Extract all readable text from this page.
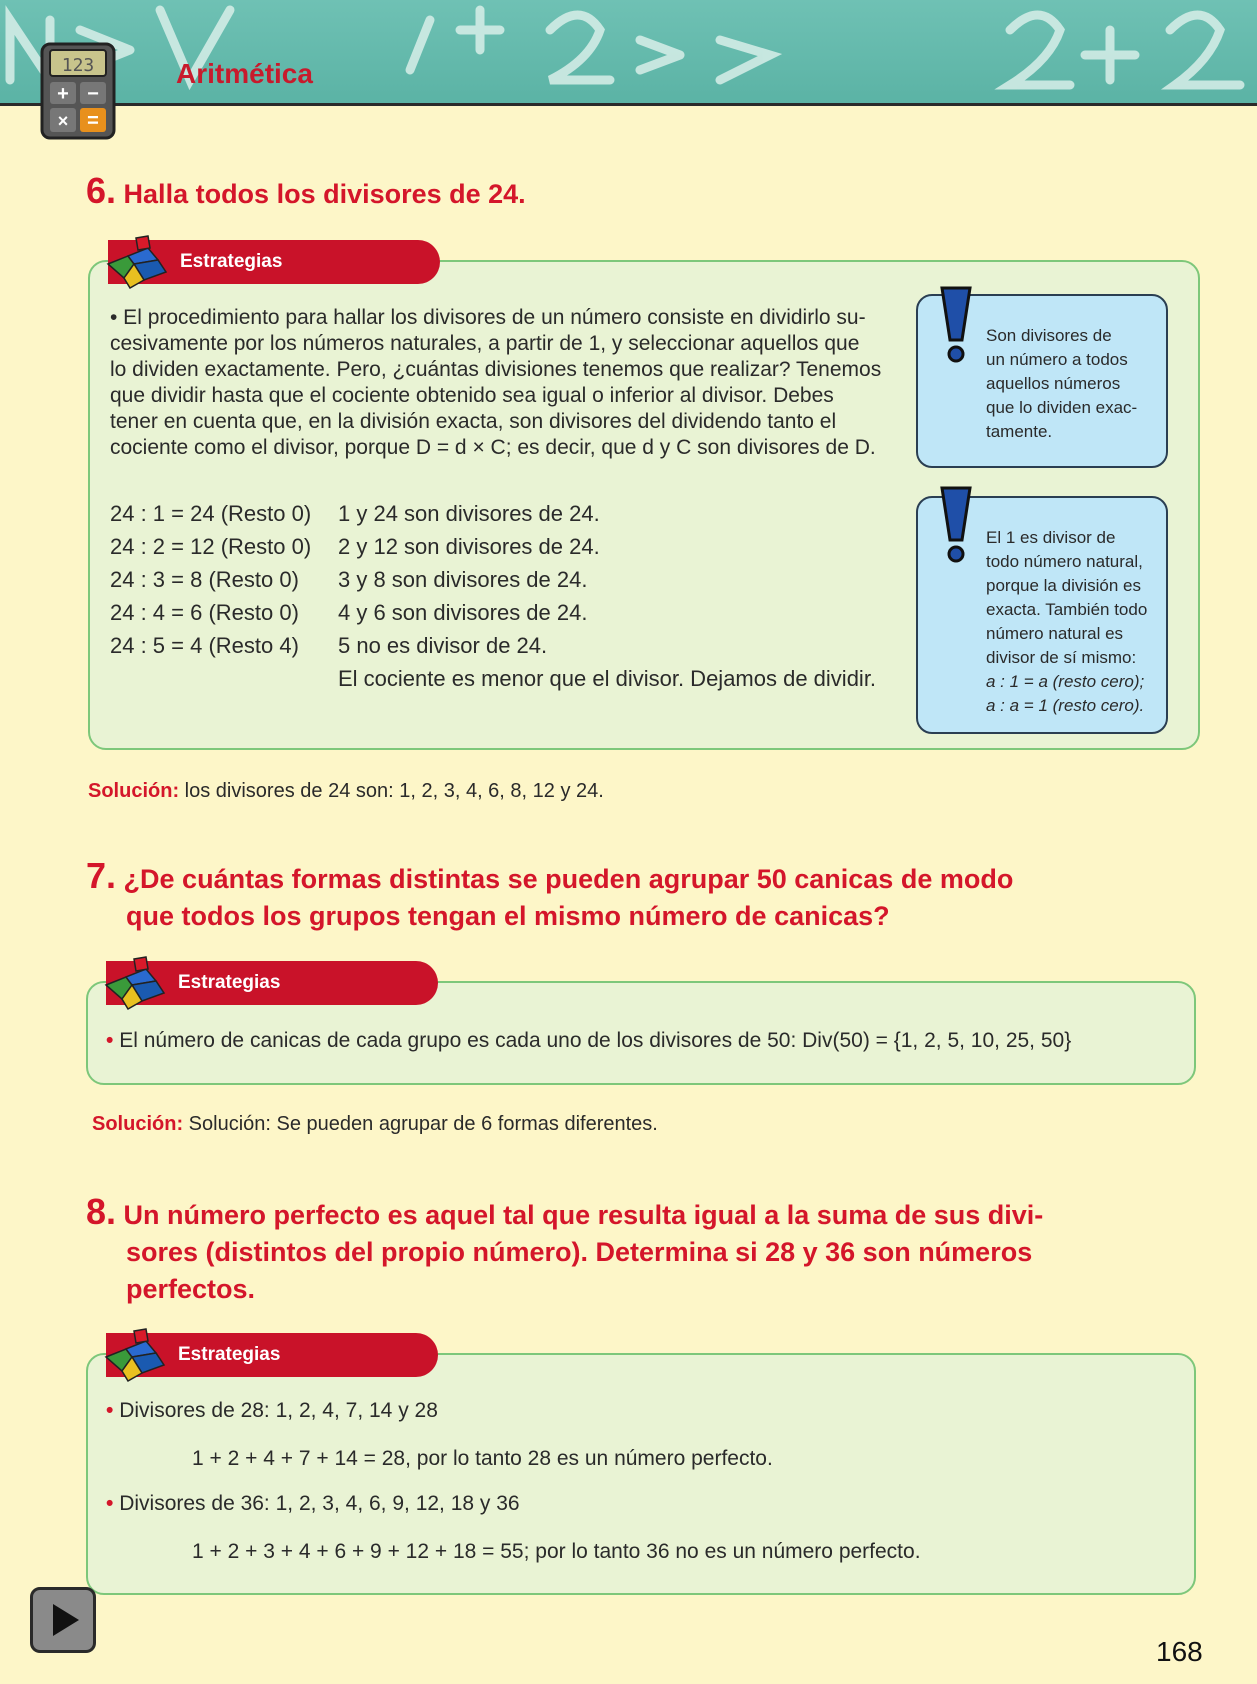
Aritmética
123
+ −
× =
6. Halla todos los divisores de 24.
Estrategias
• El procedimiento para hallar los divisores de un número consiste en dividirlo su-
cesivamente por los números naturales, a partir de 1, y seleccionar aquellos que
lo dividen exactamente. Pero, ¿cuántas divisiones tenemos que realizar? Tenemos
que dividir hasta que el cociente obtenido sea igual o inferior al divisor. Debes
tener en cuenta que, en la división exacta, son divisores del dividendo tanto el
cociente como el divisor, porque D = d × C; es decir, que d y C son divisores de D.
24 : 1 = 24 (Resto 0) 1 y 24 son divisores de 24.
24 : 2 = 12 (Resto 0) 2 y 12 son divisores de 24.
24 : 3 = 8 (Resto 0) 3 y 8 son divisores de 24.
24 : 4 = 6 (Resto 0) 4 y 6 son divisores de 24.
24 : 5 = 4 (Resto 4) 5 no es divisor de 24.
El cociente es menor que el divisor. Dejamos de dividir.
Son divisores de
un número a todos
aquellos números
que lo dividen exac-
tamente.
El 1 es divisor de
todo número natural,
porque la división es
exacta. También todo
número natural es
divisor de sí mismo:
a : 1 = a (resto cero);
a : a = 1 (resto cero).
Solución: los divisores de 24 son: 1, 2, 3, 4, 6, 8, 12 y 24.
7. ¿De cuántas formas distintas se pueden agrupar 50 canicas de modo
que todos los grupos tengan el mismo número de canicas?
Estrategias
• El número de canicas de cada grupo es cada uno de los divisores de 50: Div(50) = {1, 2, 5, 10, 25, 50}
Solución: Solución: Se pueden agrupar de 6 formas diferentes.
8. Un número perfecto es aquel tal que resulta igual a la suma de sus divi-
sores (distintos del propio número). Determina si 28 y 36 son números
perfectos.
Estrategias
• Divisores de 28: 1, 2, 4, 7, 14 y 28
1 + 2 + 4 + 7 + 14 = 28, por lo tanto 28 es un número perfecto.
• Divisores de 36: 1, 2, 3, 4, 6, 9, 12, 18 y 36
1 + 2 + 3 + 4 + 6 + 9 + 12 + 18 = 55; por lo tanto 36 no es un número perfecto.
168
